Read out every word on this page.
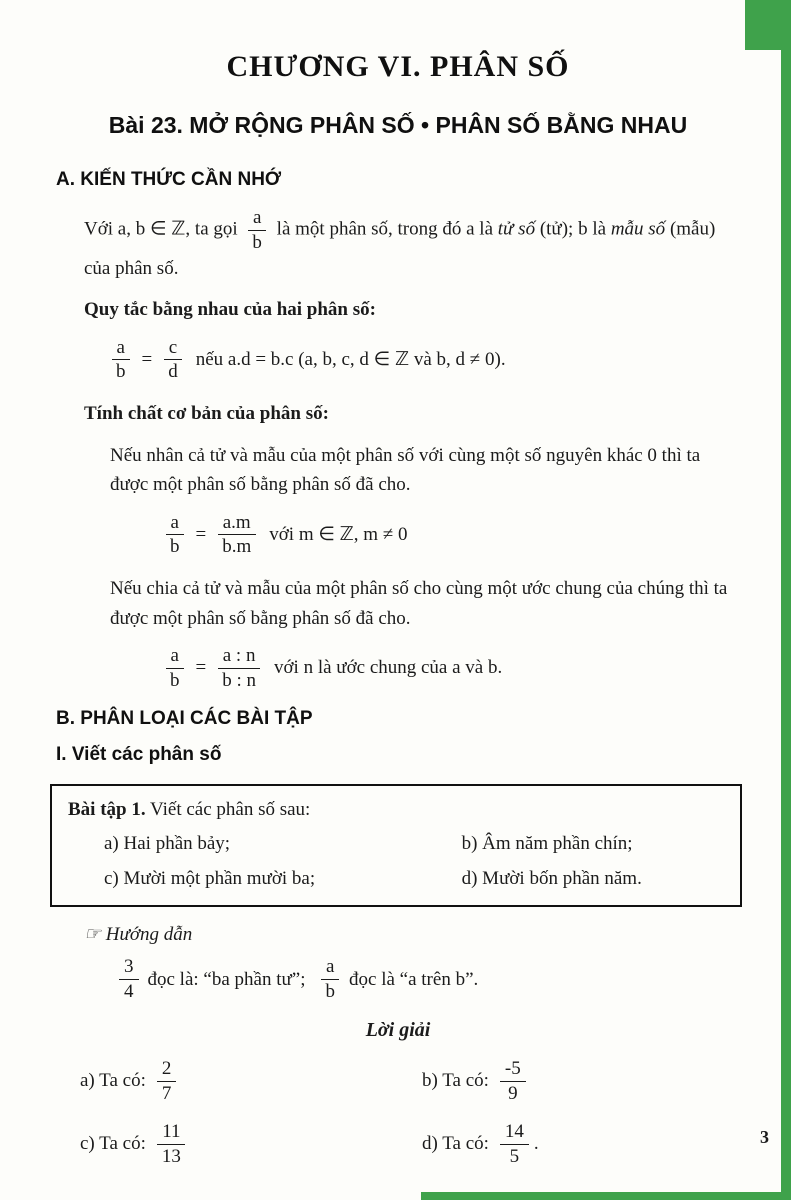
CHƯƠNG VI. PHÂN SỐ
Bài 23. MỞ RỘNG PHÂN SỐ • PHÂN SỐ BẰNG NHAU
A. KIẾN THỨC CẦN NHỚ

Với a, b ∈ ℤ, ta gọi $\frac{a}{b}$ là một phân số, trong đó a là tử số (tử); b là mẫu số (mẫu) của phân số.

Quy tắc bằng nhau của hai phân số:

$\frac{a}{b} = \frac{c}{d}$ nếu a.d = b.c (a, b, c, d ∈ ℤ và b, d ≠ 0).

Tính chất cơ bản của phân số:

Nếu nhân cả tử và mẫu của một phân số với cùng một số nguyên khác 0 thì ta được một phân số bằng phân số đã cho.

$\frac{a}{b} = \frac{a.m}{b.m}$ với m ∈ ℤ, m ≠ 0

Nếu chia cả tử và mẫu của một phân số cho cùng một ước chung của chúng thì ta được một phân số bằng phân số đã cho.

$\frac{a}{b} = \frac{a : n}{b : n}$ với n là ước chung của a và b.
B. PHÂN LOẠI CÁC BÀI TẬP
I. Viết các phân số
Bài tập 1. Viết các phân số sau:
a) Hai phần bảy;	b) Âm năm phần chín;
c) Mười một phần mười ba;	d) Mười bốn phần năm.
☞ Hướng dẫn
$\frac{3}{4}$ đọc là: “ba phần tư”; $\frac{a}{b}$ đọc là “a trên b”.
Lời giải
a) Ta có: $\frac{2}{7}$	b) Ta có: $\frac{-5}{9}$
c) Ta có: $\frac{11}{13}$	d) Ta có: $\frac{14}{5}$ .	3
